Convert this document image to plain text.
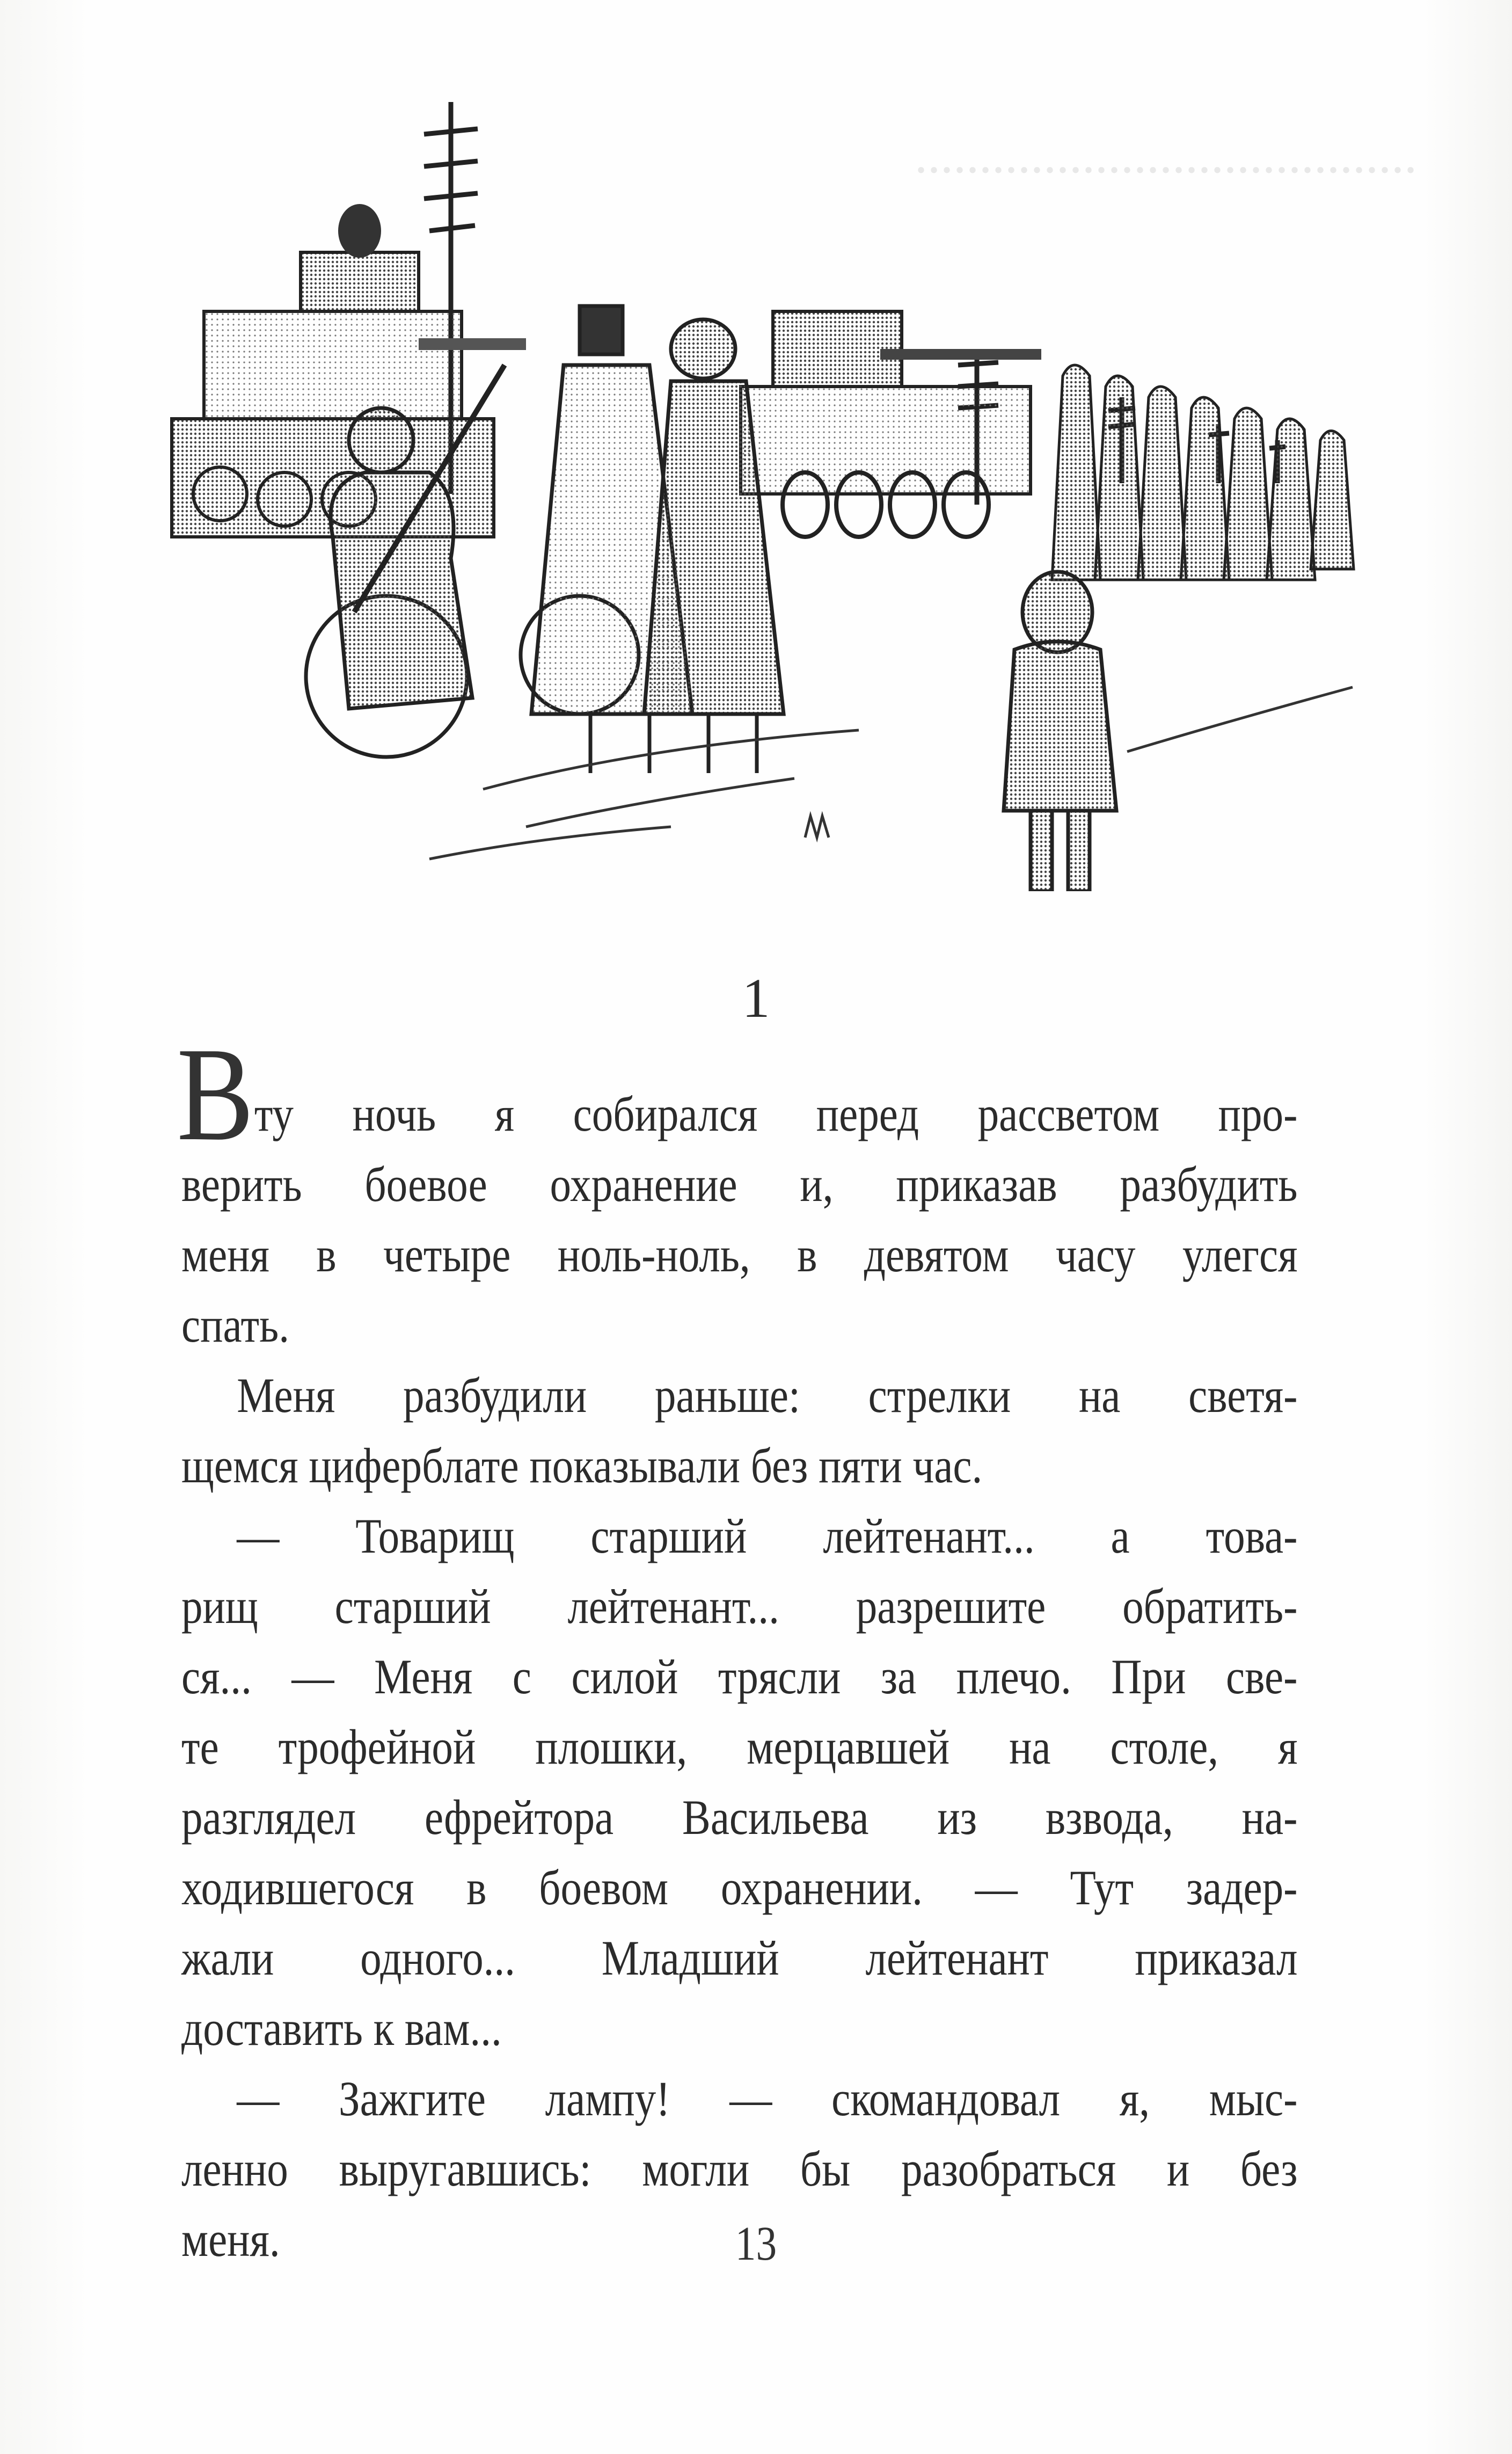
.......................................
1
В ту ночь я собирался перед рассветом про-
верить боевое охранение и, приказав разбудить
меня в четыре ноль-ноль, в девятом часу улегся
спать.
Меня разбудили раньше: стрелки на светя-
щемся циферблате показывали без пяти час.
— Товарищ старший лейтенант... а това-
рищ старший лейтенант... разрешите обратить-
ся... — Меня с силой трясли за плечо. При све-
те трофейной плошки, мерцавшей на столе, я
разглядел ефрейтора Васильева из взвода, на-
ходившегося в боевом охранении. — Тут задер-
жали одного... Младший лейтенант приказал
доставить к вам...
— Зажгите лампу! — скомандовал я, мыс-
ленно выругавшись: могли бы разобраться и без
меня.	13
